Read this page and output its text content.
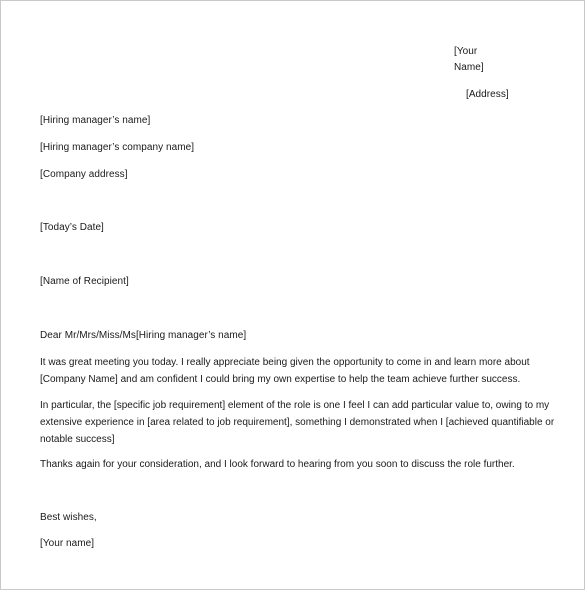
[Your
Name]
[Address]
[Hiring manager’s name]
[Hiring manager’s company name]
[Company address]
[Today’s Date]
[Name of Recipient]
Dear Mr/Mrs/Miss/Ms[Hiring manager’s name]
It was great meeting you today. I really appreciate being given the opportunity to come in and learn more about
[Company Name] and am confident I could bring my own expertise to help the team achieve further success.
In particular, the [specific job requirement] element of the role is one I feel I can add particular value to, owing to my
extensive experience in [area related to job requirement], something I demonstrated when I [achieved quantifiable or
notable success]
Thanks again for your consideration, and I look forward to hearing from you soon to discuss the role further.
Best wishes,
[Your name]
